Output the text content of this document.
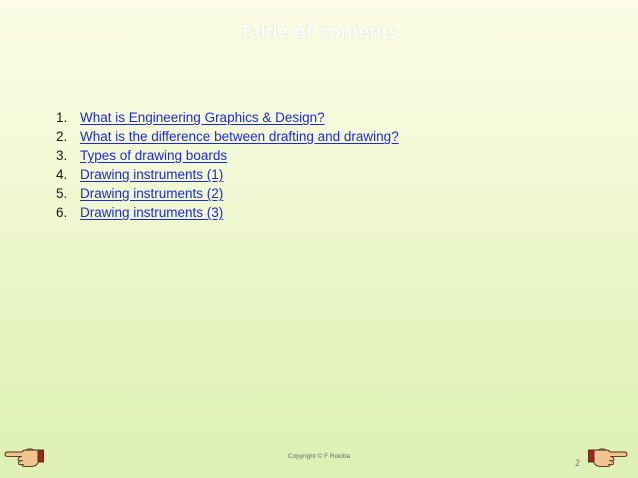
Table of contents
1. What is Engineering Graphics & Design?
2. What is the difference between drafting and drawing?
3. Types of drawing boards
4. Drawing instruments (1)
5. Drawing instruments (2)
6. Drawing instruments (3)
Copyright © F Rokitta
2
